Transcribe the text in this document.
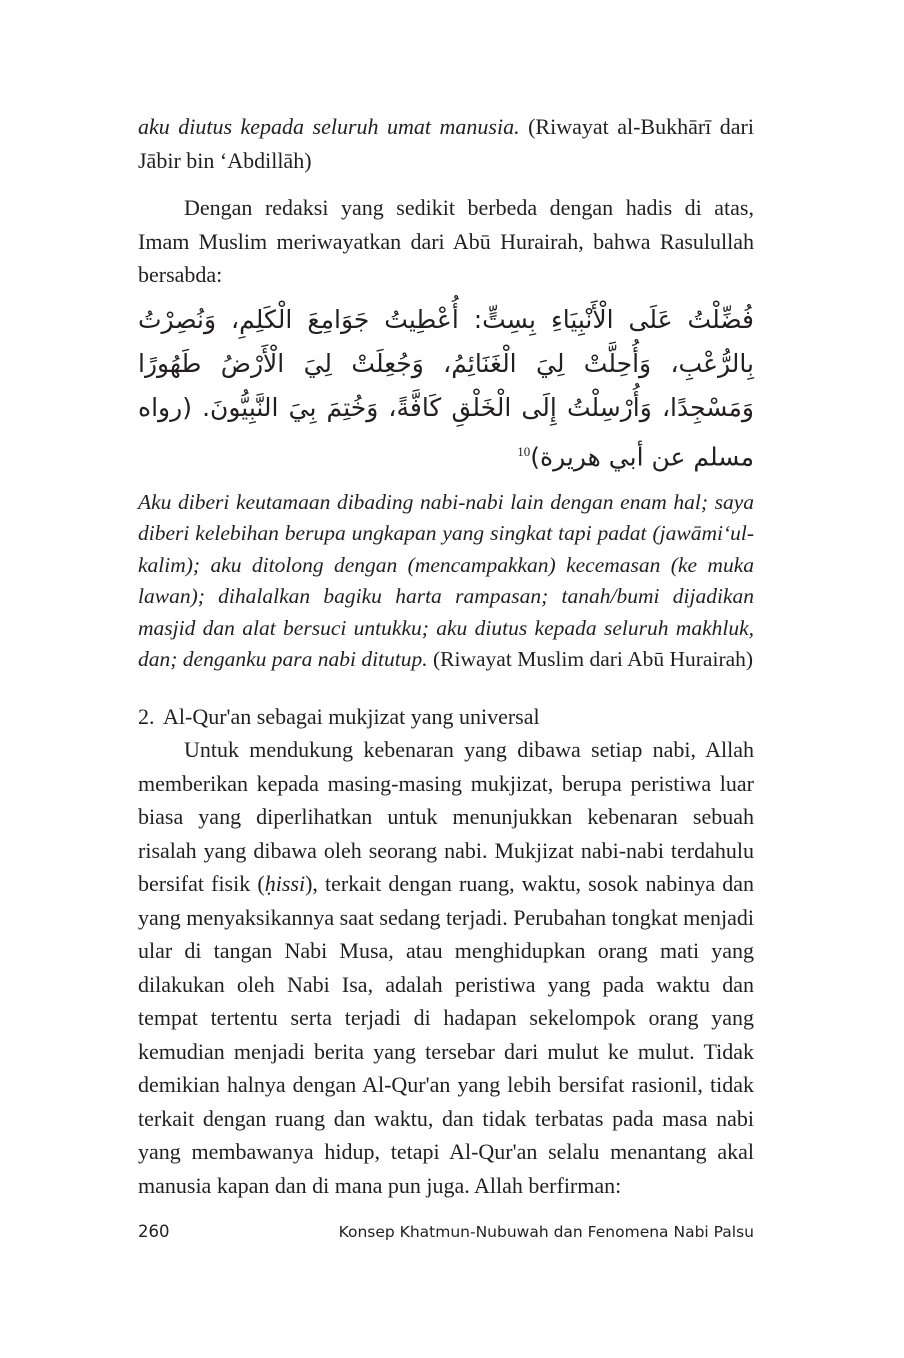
aku diutus kepada seluruh umat manusia. (Riwayat al-Bukhārī dari Jābir bin ‘Abdillāh)

Dengan redaksi yang sedikit berbeda dengan hadis di atas, Imam Muslim meriwayatkan dari Abū Hurairah, bahwa Rasulullah bersabda:

فُضِّلْتُ عَلَى الْأَنْبِيَاءِ بِسِتٍّ: أُعْطِيتُ جَوَامِعَ الْكَلِمِ، وَنُصِرْتُ بِالرُّعْبِ، وَأُحِلَّتْ لِيَ الْغَنَائِمُ، وَجُعِلَتْ لِيَ الْأَرْضُ طَهُورًا وَمَسْجِدًا، وَأُرْسِلْتُ إِلَى الْخَلْقِ كَافَّةً، وَخُتِمَ بِيَ النَّبِيُّونَ. (رواه مسلم عن أبي هريرة)$^{10}$

Aku diberi keutamaan dibading nabi-nabi lain dengan enam hal; saya diberi kelebihan berupa ungkapan yang singkat tapi padat (jawāmi‘ul-kalim); aku ditolong dengan (mencampakkan) kecemasan (ke muka lawan); dihalalkan bagiku harta rampasan; tanah/bumi dijadikan masjid dan alat bersuci untukku; aku diutus kepada seluruh makhluk, dan; denganku para nabi ditutup. (Riwayat Muslim dari Abū Hurairah)

2. Al-Qur'an sebagai mukjizat yang universal

Untuk mendukung kebenaran yang dibawa setiap nabi, Allah memberikan kepada masing-masing mukjizat, berupa peristiwa luar biasa yang diperlihatkan untuk menunjukkan kebenaran sebuah risalah yang dibawa oleh seorang nabi. Mukjizat nabi-nabi terdahulu bersifat fisik (ḥissi), terkait dengan ruang, waktu, sosok nabinya dan yang menyaksikannya saat sedang terjadi. Perubahan tongkat menjadi ular di tangan Nabi Musa, atau menghidupkan orang mati yang dilakukan oleh Nabi Isa, adalah peristiwa yang pada waktu dan tempat tertentu serta terjadi di hadapan sekelompok orang yang kemudian menjadi berita yang tersebar dari mulut ke mulut. Tidak demikian halnya dengan Al-Qur'an yang lebih bersifat rasionil, tidak terkait dengan ruang dan waktu, dan tidak terbatas pada masa nabi yang membawanya hidup, tetapi Al-Qur'an selalu menantang akal manusia kapan dan di mana pun juga. Allah berfirman:

260	Konsep Khatmun-Nubuwah dan Fenomena Nabi Palsu
